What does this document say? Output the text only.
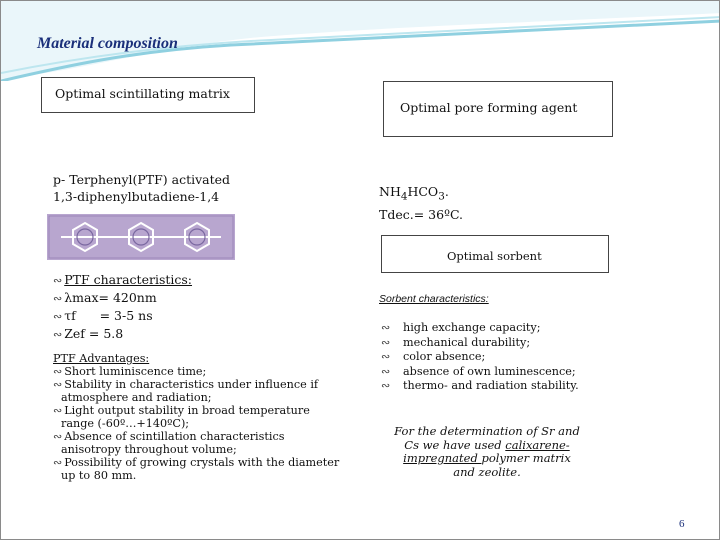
Material composition
Optimal scintillating matrix
Optimal pore forming agent
p- Terphenyl(PTF) activated
1,3-diphenylbutadiene-1,4	$NH_4HCO_3$.
Tdec.= 36ºC.
Optimal sorbent
∾ PTF characteristics:
∾ λmax= 420nm
∾ τf      = 3-5 ns
∾ Zef = 5.8
PTF Advantages:
∾ Short luminiscence time;
∾ Stability in characteristics under influence if
atmosphere and radiation;
∾ Light output stability in broad temperature
range (-60º…+140ºC);
∾ Absence of scintillation characteristics
anisotropy throughout volume;
∾ Possibility of growing crystals with the diameter
up to 80 mm.
Sorbent characteristics:
∾	high exchange capacity;
∾	mechanical durability;
∾	color absence;
∾	absence of own luminescence;
∾	thermo- and radiation stability.
For the determination of Sr and
Cs we have used calixarene-
impregnated polymer matrix
and zeolite.
6
